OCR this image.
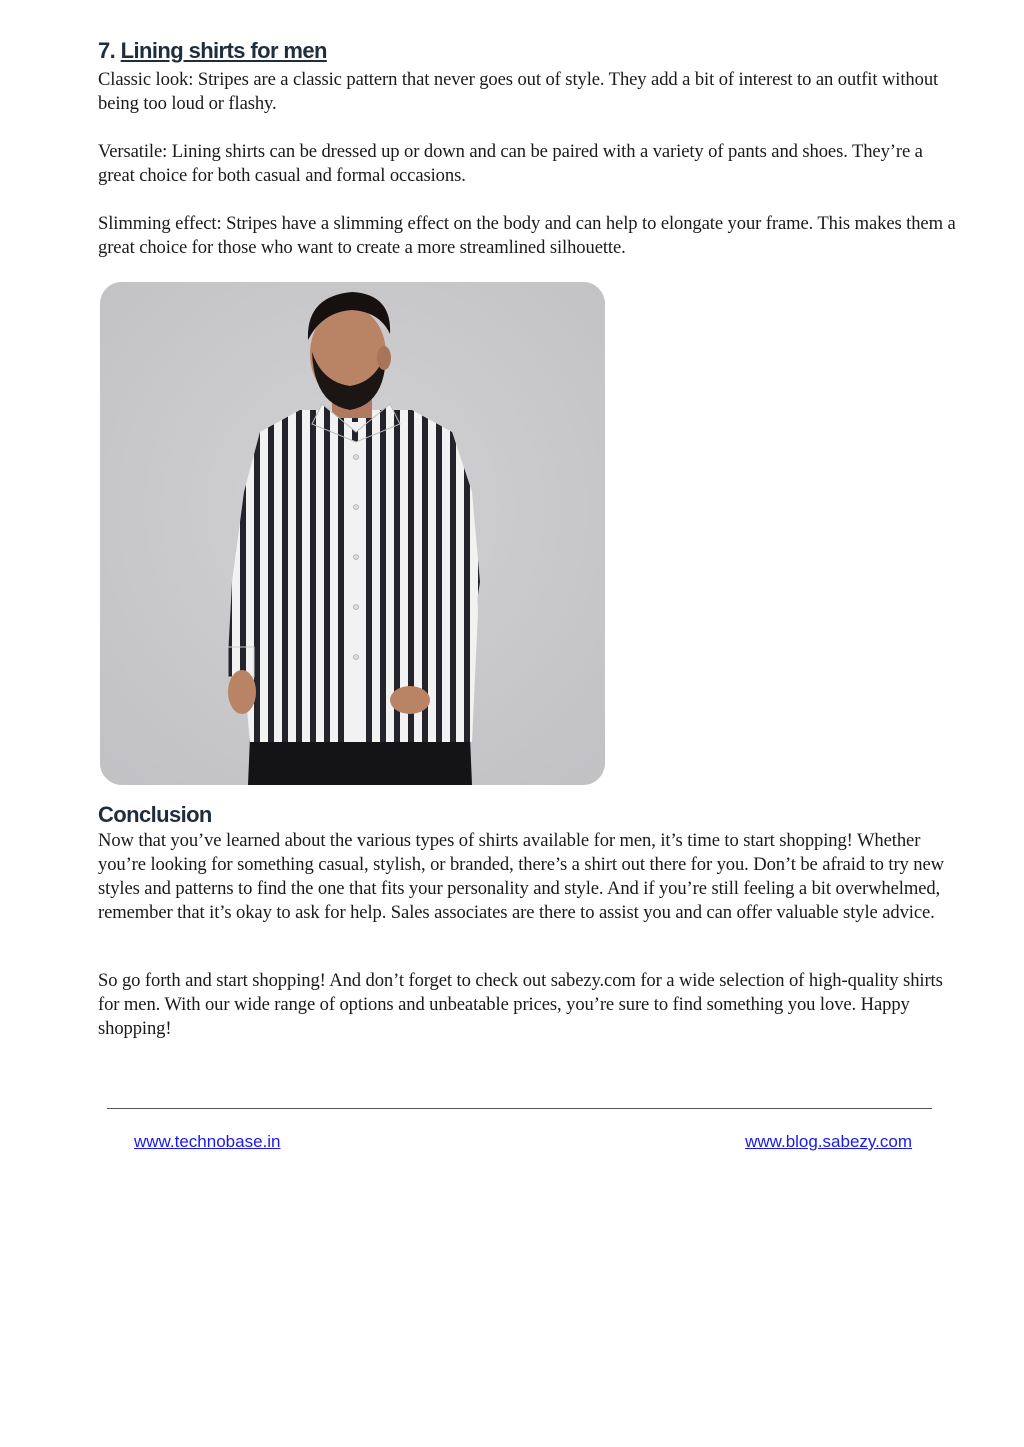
7. Lining shirts for men

Classic look: Stripes are a classic pattern that never goes out of style. They add a bit of interest to an outfit without being too loud or flashy.

Versatile: Lining shirts can be dressed up or down and can be paired with a variety of pants and shoes. They’re a great choice for both casual and formal occasions.

Slimming effect: Stripes have a slimming effect on the body and can help to elongate your frame. This makes them a great choice for those who want to create a more streamlined silhouette.

Conclusion

Now that you’ve learned about the various types of shirts available for men, it’s time to start shopping! Whether you’re looking for something casual, stylish, or branded, there’s a shirt out there for you. Don’t be afraid to try new styles and patterns to find the one that fits your personality and style. And if you’re still feeling a bit overwhelmed, remember that it’s okay to ask for help. Sales associates are there to assist you and can offer valuable style advice.

So go forth and start shopping! And don’t forget to check out sabezy.com for a wide selection of high-quality shirts for men. With our wide range of options and unbeatable prices, you’re sure to find something you love. Happy shopping!

www.technobase.in	www.blog.sabezy.com
